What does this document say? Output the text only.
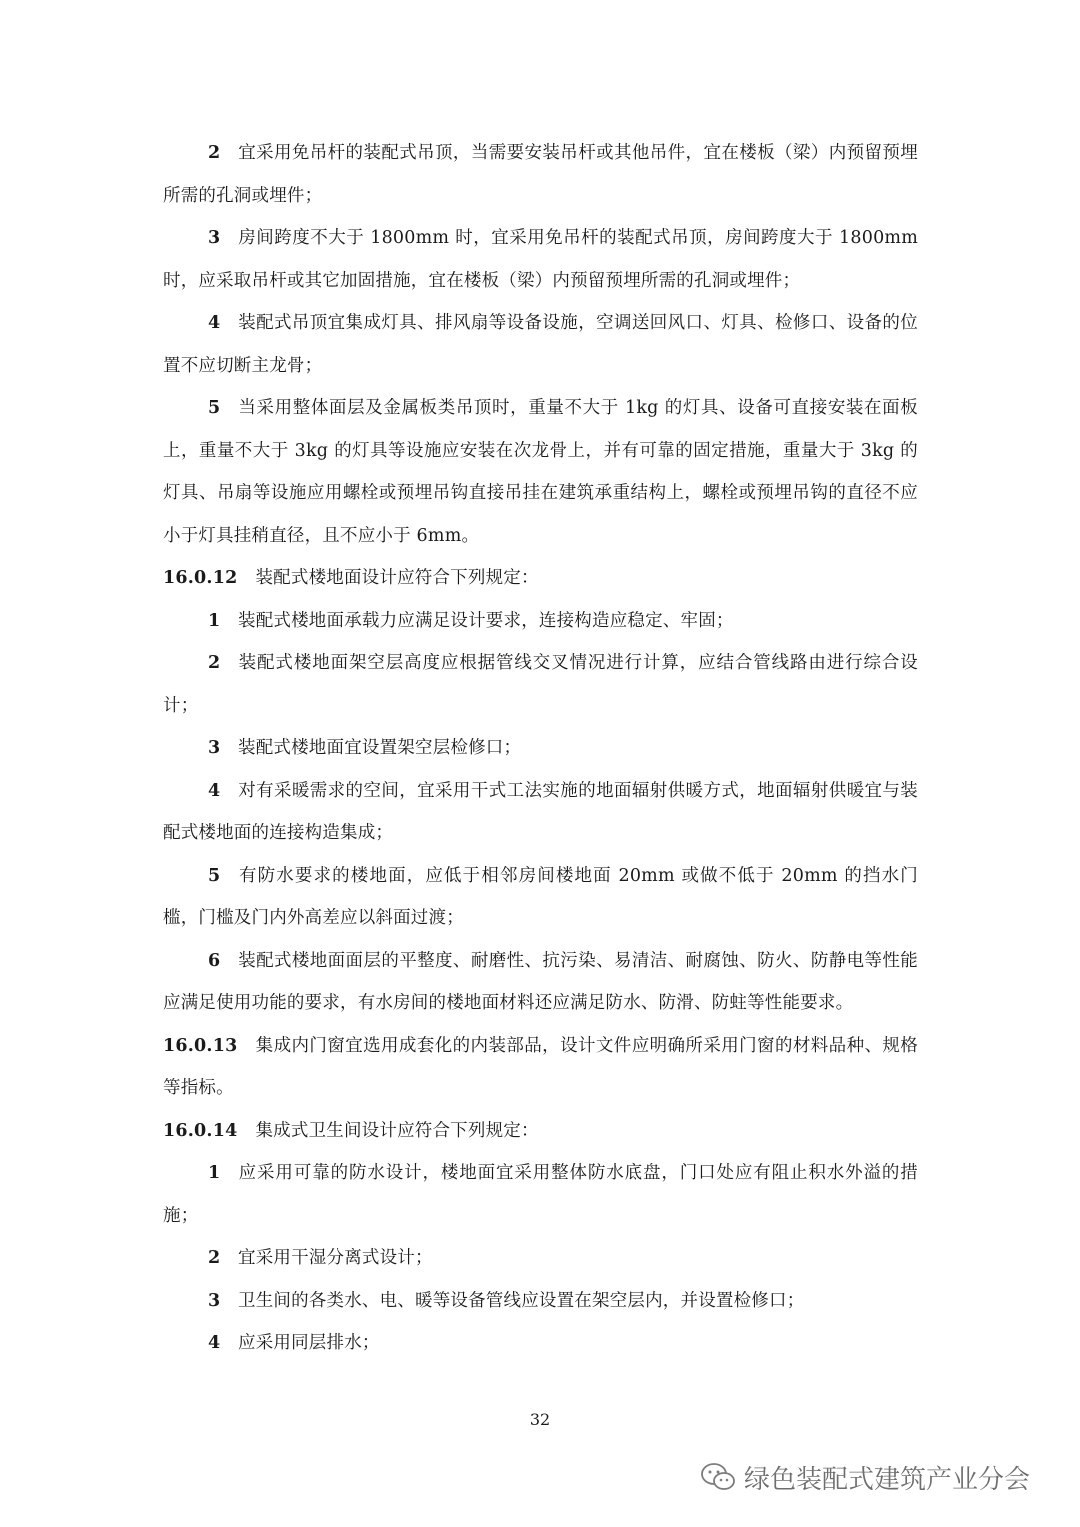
2 宜采用免吊杆的装配式吊顶，当需要安装吊杆或其他吊件，宜在楼板（梁）内预留预埋所需的孔洞或埋件；

3 房间跨度不大于 1800mm 时，宜采用免吊杆的装配式吊顶，房间跨度大于 1800mm 时，应采取吊杆或其它加固措施，宜在楼板（梁）内预留预埋所需的孔洞或埋件；

4 装配式吊顶宜集成灯具、排风扇等设备设施，空调送回风口、灯具、检修口、设备的位置不应切断主龙骨；

5 当采用整体面层及金属板类吊顶时，重量不大于 1kg 的灯具、设备可直接安装在面板上，重量不大于 3kg 的灯具等设施应安装在次龙骨上，并有可靠的固定措施，重量大于 3kg 的灯具、吊扇等设施应用螺栓或预埋吊钩直接吊挂在建筑承重结构上，螺栓或预埋吊钩的直径不应小于灯具挂稍直径，且不应小于 6mm。

16.0.12 装配式楼地面设计应符合下列规定：

1 装配式楼地面承载力应满足设计要求，连接构造应稳定、牢固；

2 装配式楼地面架空层高度应根据管线交叉情况进行计算，应结合管线路由进行综合设计；

3 装配式楼地面宜设置架空层检修口；

4 对有采暖需求的空间，宜采用干式工法实施的地面辐射供暖方式，地面辐射供暖宜与装配式楼地面的连接构造集成；

5 有防水要求的楼地面，应低于相邻房间楼地面 20mm 或做不低于 20mm 的挡水门槛，门槛及门内外高差应以斜面过渡；

6 装配式楼地面面层的平整度、耐磨性、抗污染、易清洁、耐腐蚀、防火、防静电等性能应满足使用功能的要求，有水房间的楼地面材料还应满足防水、防滑、防蛀等性能要求。

16.0.13 集成内门窗宜选用成套化的内装部品，设计文件应明确所采用门窗的材料品种、规格等指标。

16.0.14 集成式卫生间设计应符合下列规定：

1 应采用可靠的防水设计，楼地面宜采用整体防水底盘，门口处应有阻止积水外溢的措施；

2 宜采用干湿分离式设计；

3 卫生间的各类水、电、暖等设备管线应设置在架空层内，并设置检修口；

4 应采用同层排水；

32
绿色装配式建筑产业分会
